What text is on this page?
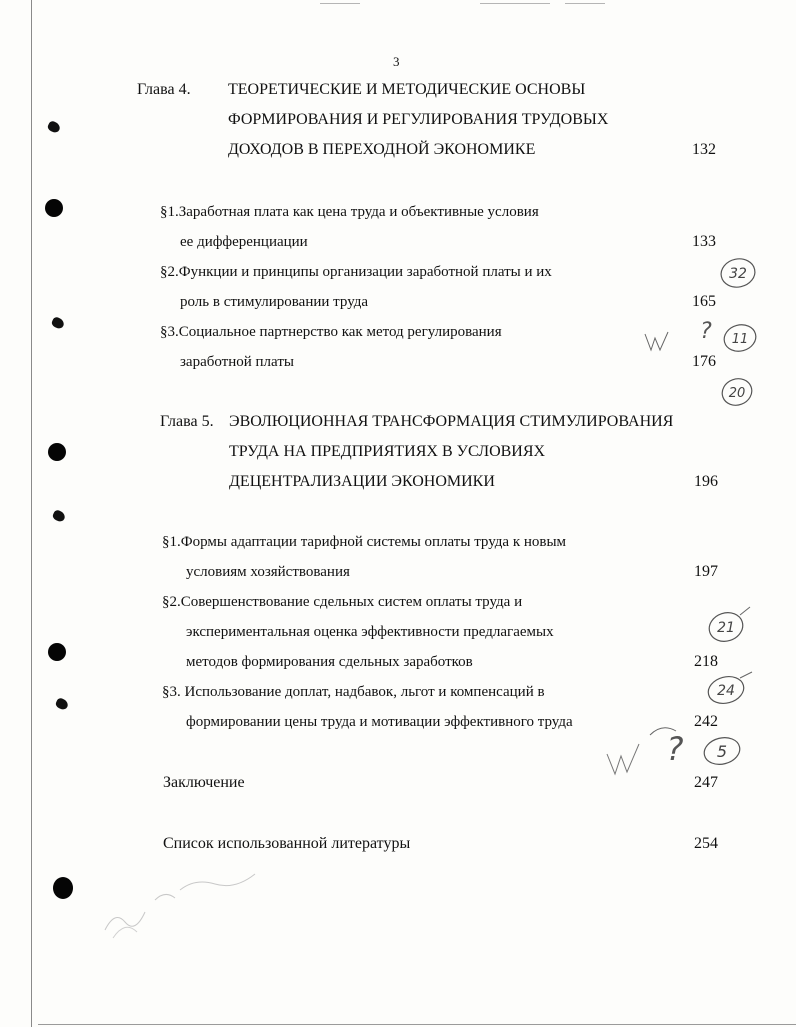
3
Глава 4. ТЕОРЕТИЧЕСКИЕ И МЕТОДИЧЕСКИЕ ОСНОВЫ
ФОРМИРОВАНИЯ И РЕГУЛИРОВАНИЯ ТРУДОВЫХ
ДОХОДОВ В ПЕРЕХОДНОЙ ЭКОНОМИКЕ	132
§1.Заработная плата как цена труда и объективные условия
ее дифференциации	133
§2.Функции и принципы организации заработной платы и их
роль в стимулировании труда	165
§3.Социальное партнерство как метод регулирования
заработной платы	176
Глава 5. ЭВОЛЮЦИОННАЯ ТРАНСФОРМАЦИЯ СТИМУЛИРОВАНИЯ
ТРУДА НА ПРЕДПРИЯТИЯХ В УСЛОВИЯХ
ДЕЦЕНТРАЛИЗАЦИИ ЭКОНОМИКИ	196
§1.Формы адаптации тарифной системы оплаты труда к новым
условиям хозяйствования	197
§2.Совершенствование сдельных систем оплаты труда и
экспериментальная оценка эффективности предлагаемых
методов формирования сдельных заработков	218
§3. Использование доплат, надбавок, льгот и компенсаций в
формировании цены труда и мотивации эффективного труда	242
Заключение	247
Список использованной литературы	254
32
? 11
20
21
24
? 5
